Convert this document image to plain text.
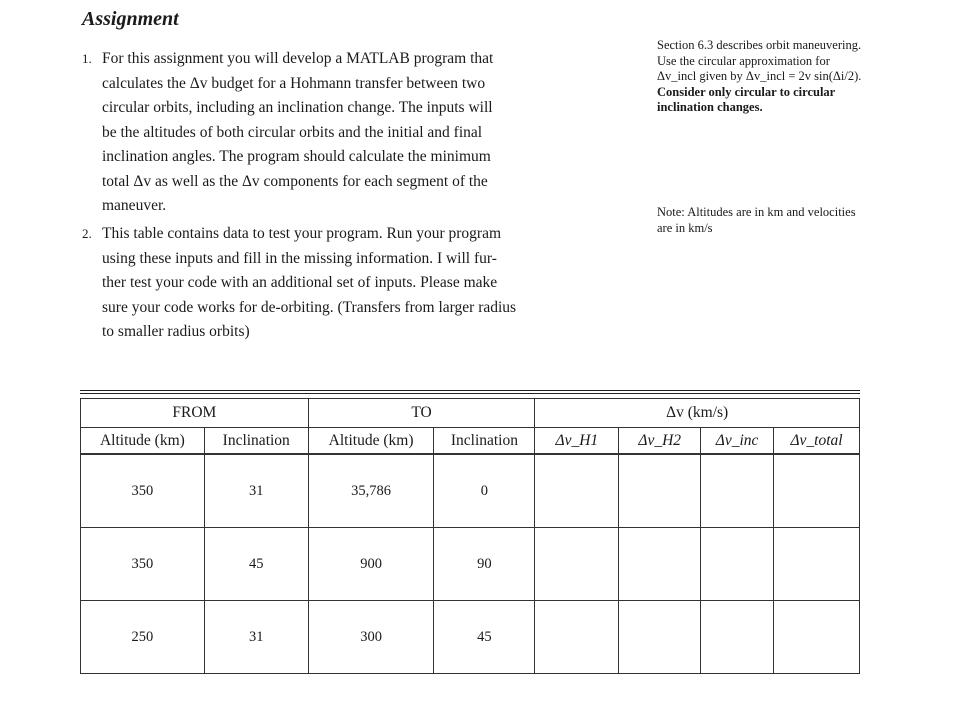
Assignment
1. For this assignment you will develop a MATLAB program that
calculates the Δv budget for a Hohmann transfer between two
circular orbits, including an inclination change. The inputs will
be the altitudes of both circular orbits and the initial and final
inclination angles. The program should calculate the minimum
total Δv as well as the Δv components for each segment of the
maneuver.
2. This table contains data to test your program. Run your program
using these inputs and fill in the missing information. I will fur-
ther test your code with an additional set of inputs. Please make
sure your code works for de-orbiting. (Transfers from larger radius
to smaller radius orbits)
Section 6.3 describes orbit maneuvering.
Use the circular approximation for
Δv_incl given by Δv_incl = 2v sin(Δi/2).
Consider only circular to circular
inclination changes.
Note: Altitudes are in km and velocities
are in km/s
FROM		TO		Δv (km/s)			
Altitude (km)	Inclination	Altitude (km)	Inclination	Δv_H1	Δv_H2	Δv_inc	Δv_total
350	31	35,786	0				
350	45	900	90				
250	31	300	45				
